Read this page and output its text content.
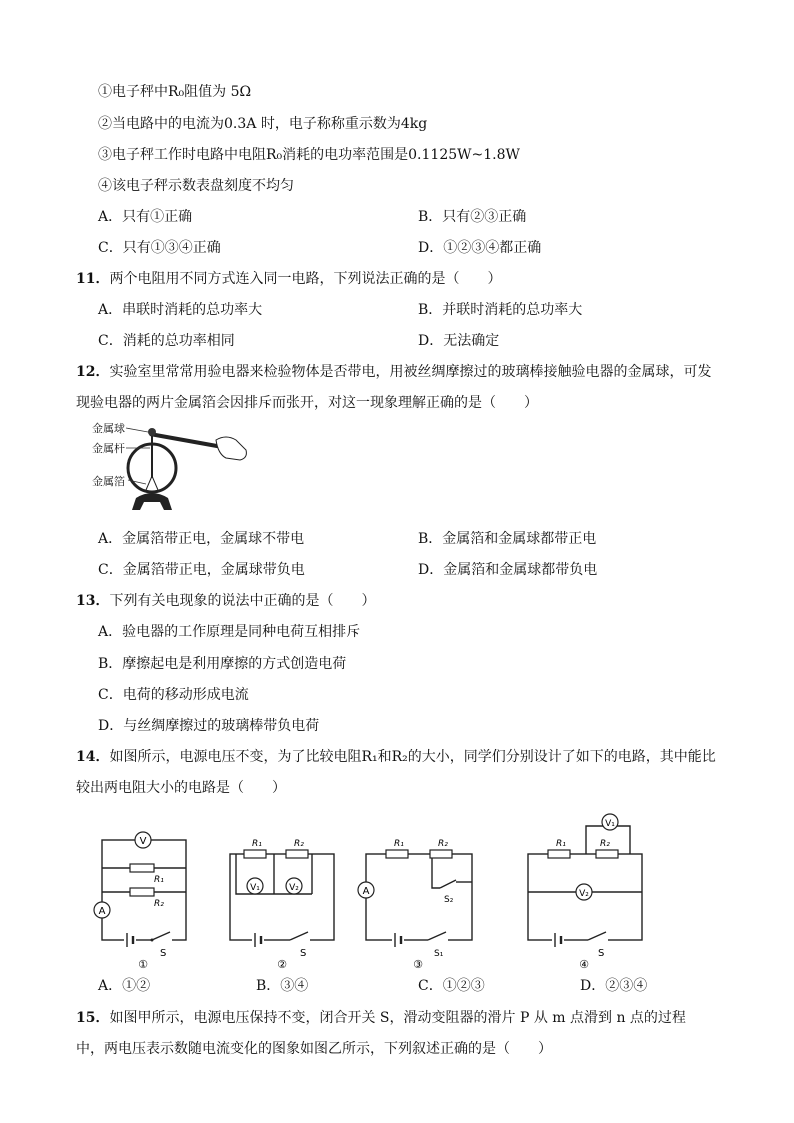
①电子秤中R₀阻值为 5Ω
②当电路中的电流为0.3A 时，电子称称重示数为4kg
③电子秤工作时电路中电阻R₀消耗的电功率范围是0.1125W~1.8W
④该电子秤示数表盘刻度不均匀
A．只有①正确	B．只有②③正确
C．只有①③④正确	D．①②③④都正确
11．两个电阻用不同方式连入同一电路，下列说法正确的是（　　）
A．串联时消耗的总功率大	B．并联时消耗的总功率大
C．消耗的总功率相同	D．无法确定
12．实验室里常常用验电器来检验物体是否带电，用被丝绸摩擦过的玻璃棒接触验电器的金属球，可发
现验电器的两片金属箔会因排斥而张开，对这一现象理解正确的是（　　）
金属球
金属杆
金属箔
A．金属箔带正电，金属球不带电	B．金属箔和金属球都带正电
C．金属箔带正电，金属球带负电	D．金属箔和金属球都带负电
13．下列有关电现象的说法中正确的是（　　）
A．验电器的工作原理是同种电荷互相排斥
B．摩擦起电是利用摩擦的方式创造电荷
C．电荷的移动形成电流
D．与丝绸摩擦过的玻璃棒带负电荷
14．如图所示，电源电压不变，为了比较电阻R₁和R₂的大小，同学们分别设计了如下的电路，其中能比
较出两电阻大小的电路是（　　）
V
R₁
R₂
A
S
①
R₁	R₂
V₁	V₂
S
②
R₁	R₂
S₂
A
S₁
③
R₁	R₂
V₁
V₂
S
④
A．①②	B．③④	C．①②③	D．②③④
15．如图甲所示，电源电压保持不变，闭合开关 S，滑动变阻器的滑片 P 从 m 点滑到 n 点的过程
中，两电压表示数随电流变化的图象如图乙所示，下列叙述正确的是（　　）
